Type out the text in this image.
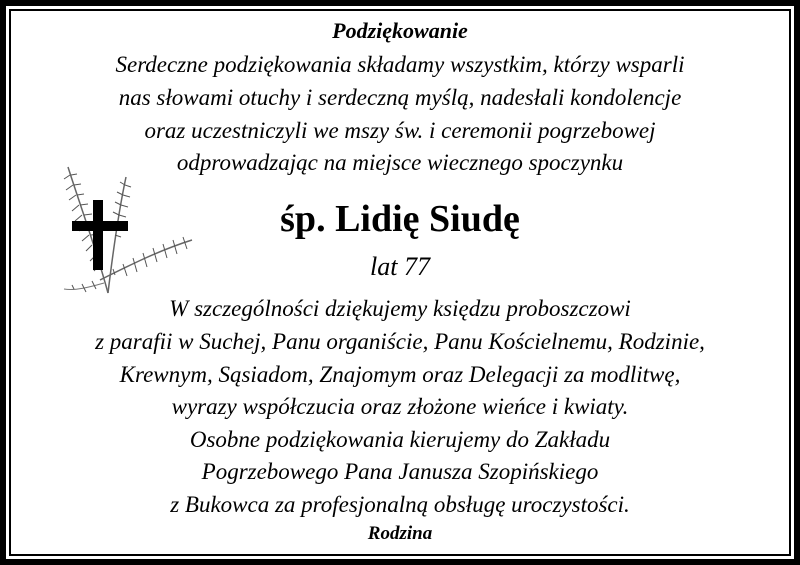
Podziękowanie
Serdeczne podziękowania składamy wszystkim, którzy wsparli
nas słowami otuchy i serdeczną myślą, nadesłali kondolencje
oraz uczestniczyli we mszy św. i ceremonii pogrzebowej
odprowadzając na miejsce wiecznego spoczynku
śp. Lidię Siudę
lat 77
W szczególności dziękujemy księdzu proboszczowi
z parafii w Suchej, Panu organiście, Panu Kościelnemu, Rodzinie,
Krewnym, Sąsiadom, Znajomym oraz Delegacji za modlitwę,
wyrazy współczucia oraz złożone wieńce i kwiaty.
Osobne podziękowania kierujemy do Zakładu
Pogrzebowego Pana Janusza Szopińskiego
z Bukowca za profesjonalną obsługę uroczystości.
Rodzina
